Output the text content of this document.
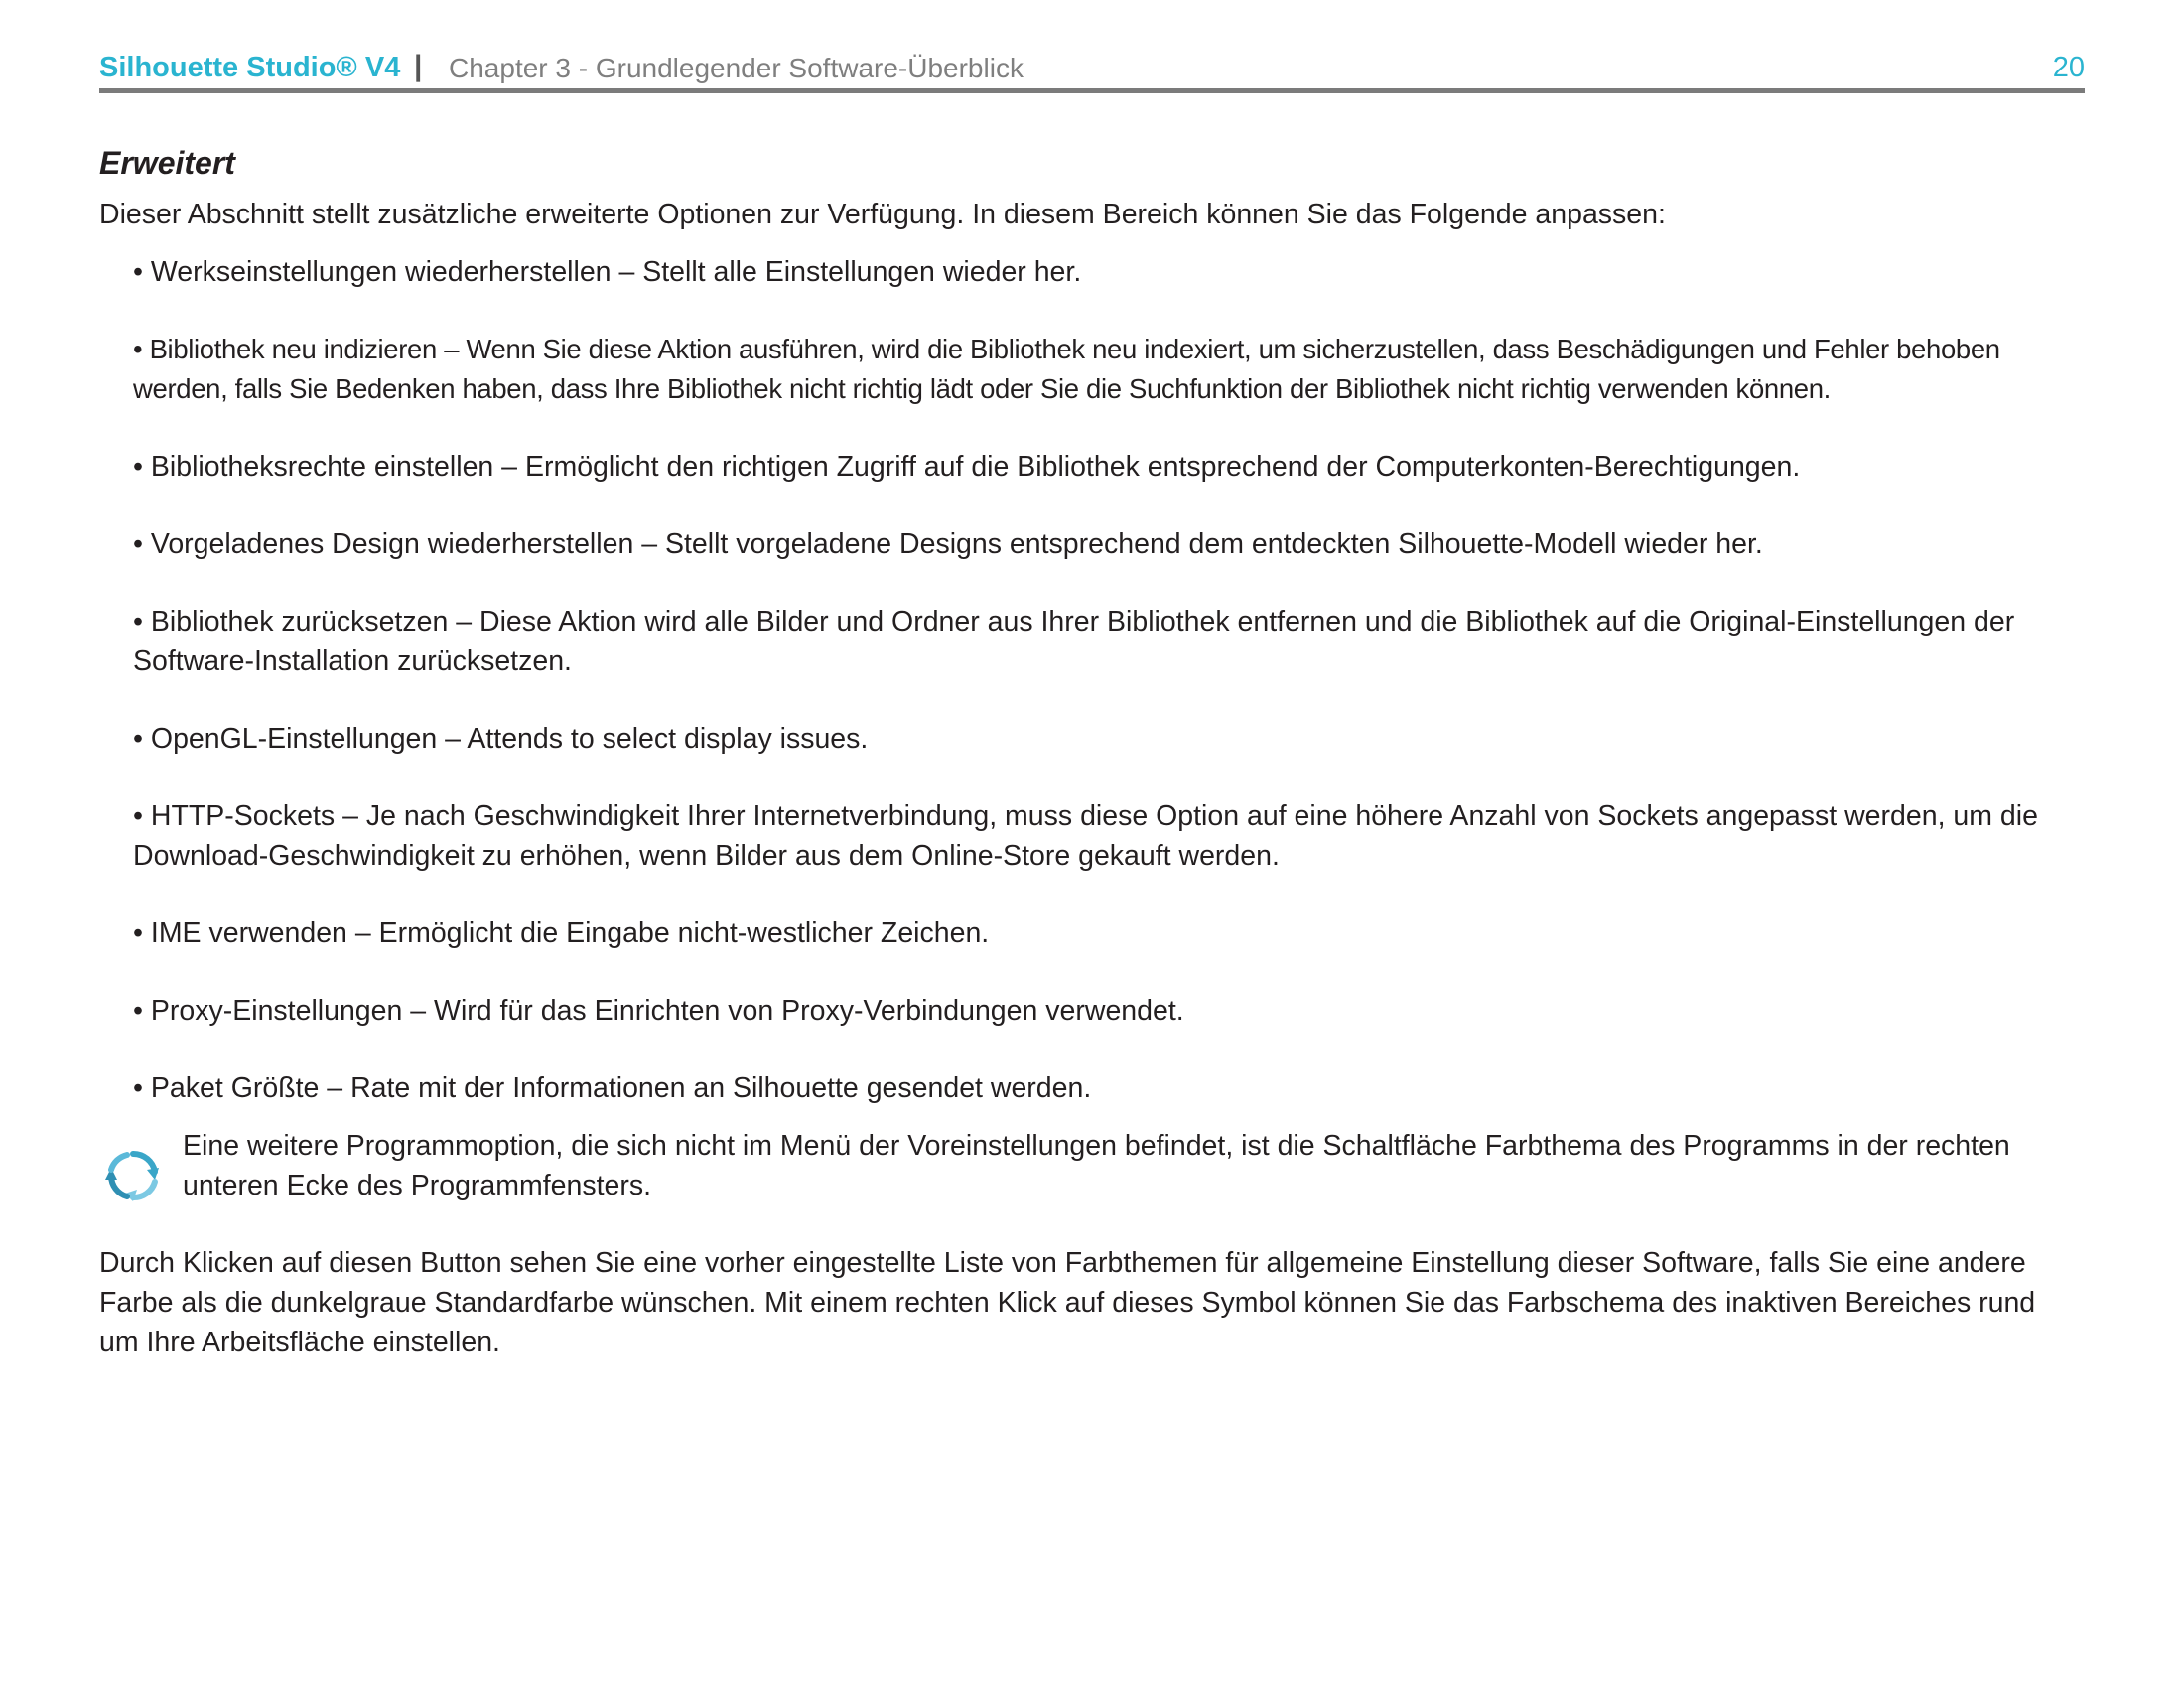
Silhouette Studio® V4 | Chapter 3 - Grundlegender Software-Überblick	20
Erweitert

Dieser Abschnitt stellt zusätzliche erweiterte Optionen zur Verfügung. In diesem Bereich können Sie das Folgende anpassen:

• Werkseinstellungen wiederherstellen – Stellt alle Einstellungen wieder her.
• Bibliothek neu indizieren – Wenn Sie diese Aktion ausführen, wird die Bibliothek neu indexiert, um sicherzustellen, dass Beschädigungen und Fehler behoben werden, falls Sie Bedenken haben, dass Ihre Bibliothek nicht richtig lädt oder Sie die Suchfunktion der Bibliothek nicht richtig verwenden können.
• Bibliotheksrechte einstellen – Ermöglicht den richtigen Zugriff auf die Bibliothek entsprechend der Computerkonten-Berechtigungen.
• Vorgeladenes Design wiederherstellen – Stellt vorgeladene Designs entsprechend dem entdeckten Silhouette-Modell wieder her.
• Bibliothek zurücksetzen – Diese Aktion wird alle Bilder und Ordner aus Ihrer Bibliothek entfernen und die Bibliothek auf die Original-Einstellungen der Software-Installation zurücksetzen.
• OpenGL-Einstellungen – Attends to select display issues.
• HTTP-Sockets – Je nach Geschwindigkeit Ihrer Internetverbindung, muss diese Option auf eine höhere Anzahl von Sockets angepasst werden, um die Download-Geschwindigkeit zu erhöhen, wenn Bilder aus dem Online-Store gekauft werden.
• IME verwenden – Ermöglicht die Eingabe nicht-westlicher Zeichen.
• Proxy-Einstellungen – Wird für das Einrichten von Proxy-Verbindungen verwendet.
• Paket Größte – Rate mit der Informationen an Silhouette gesendet werden.
Eine weitere Programmoption, die sich nicht im Menü der Voreinstellungen befindet, ist die Schaltfläche Farbthema des Programms in der rechten unteren Ecke des Programmfensters.

Durch Klicken auf diesen Button sehen Sie eine vorher eingestellte Liste von Farbthemen für allgemeine Einstellung dieser Software, falls Sie eine andere Farbe als die dunkelgraue Standardfarbe wünschen. Mit einem rechten Klick auf dieses Symbol können Sie das Farbschema des inaktiven Bereiches rund um Ihre Arbeitsfläche einstellen.
